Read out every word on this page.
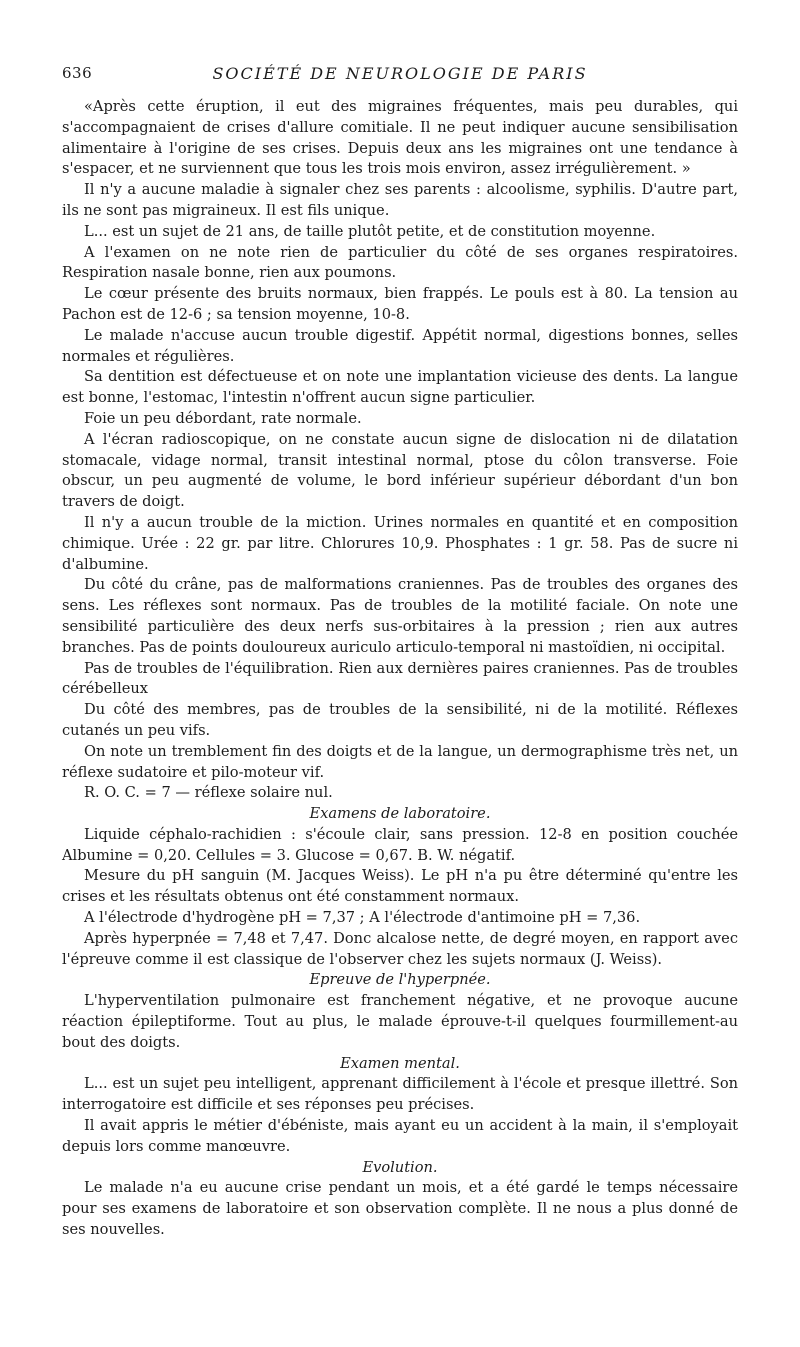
636	SOCIÉTÉ DE NEUROLOGIE DE PARIS

«Après cette éruption, il eut des migraines fréquentes, mais peu durables, qui s'accompagnaient de crises d'allure comitiale. Il ne peut indiquer aucune sensibilisation alimentaire à l'origine de ses crises. Depuis deux ans les migraines ont une tendance à s'espacer, et ne surviennent que tous les trois mois environ, assez irrégulièrement. »

Il n'y a aucune maladie à signaler chez ses parents : alcoolisme, syphilis. D'autre part, ils ne sont pas migraineux. Il est fils unique.

L... est un sujet de 21 ans, de taille plutôt petite, et de constitution moyenne.

A l'examen on ne note rien de particulier du côté de ses organes respiratoires. Respiration nasale bonne, rien aux poumons.

Le cœur présente des bruits normaux, bien frappés. Le pouls est à 80. La tension au Pachon est de 12-6 ; sa tension moyenne, 10-8.

Le malade n'accuse aucun trouble digestif. Appétit normal, digestions bonnes, selles normales et régulières.

Sa dentition est défectueuse et on note une implantation vicieuse des dents. La langue est bonne, l'estomac, l'intestin n'offrent aucun signe particulier.

Foie un peu débordant, rate normale.

A l'écran radioscopique, on ne constate aucun signe de dislocation ni de dilatation stomacale, vidage normal, transit intestinal normal, ptose du côlon transverse. Foie obscur, un peu augmenté de volume, le bord inférieur supérieur débordant d'un bon travers de doigt.

Il n'y a aucun trouble de la miction. Urines normales en quantité et en composition chimique. Urée : 22 gr. par litre. Chlorures 10,9. Phosphates : 1 gr. 58. Pas de sucre ni d'albumine.

Du côté du crâne, pas de malformations craniennes. Pas de troubles des organes des sens. Les réflexes sont normaux. Pas de troubles de la motilité faciale. On note une sensibilité particulière des deux nerfs sus-orbitaires à la pression ; rien aux autres branches. Pas de points douloureux auriculo articulo-temporal ni mastoïdien, ni occipital.

Pas de troubles de l'équilibration. Rien aux dernières paires craniennes. Pas de troubles cérébelleux

Du côté des membres, pas de troubles de la sensibilité, ni de la motilité. Réflexes cutanés un peu vifs.

On note un tremblement fin des doigts et de la langue, un dermographisme très net, un réflexe sudatoire et pilo-moteur vif.

R. O. C. = 7 — réflexe solaire nul.

Examens de laboratoire.

Liquide céphalo-rachidien : s'écoule clair, sans pression. 12-8 en position couchée Albumine = 0,20. Cellules = 3. Glucose = 0,67. B. W. négatif.

Mesure du pH sanguin (M. Jacques Weiss). Le pH n'a pu être déterminé qu'entre les crises et les résultats obtenus ont été constamment normaux.

A l'électrode d'hydrogène pH = 7,37 ; A l'électrode d'antimoine pH = 7,36.

Après hyperpnée = 7,48 et 7,47. Donc alcalose nette, de degré moyen, en rapport avec l'épreuve comme il est classique de l'observer chez les sujets normaux (J. Weiss).

Epreuve de l'hyperpnée.

L'hyperventilation pulmonaire est franchement négative, et ne provoque aucune réaction épileptiforme. Tout au plus, le malade éprouve-t-il quelques fourmillement-au bout des doigts.

Examen mental.

L... est un sujet peu intelligent, apprenant difficilement à l'école et presque illettré. Son interrogatoire est difficile et ses réponses peu précises.

Il avait appris le métier d'ébéniste, mais ayant eu un accident à la main, il s'employait depuis lors comme manœuvre.

Evolution.

Le malade n'a eu aucune crise pendant un mois, et a été gardé le temps nécessaire pour ses examens de laboratoire et son observation complète. Il ne nous a plus donné de ses nouvelles.
